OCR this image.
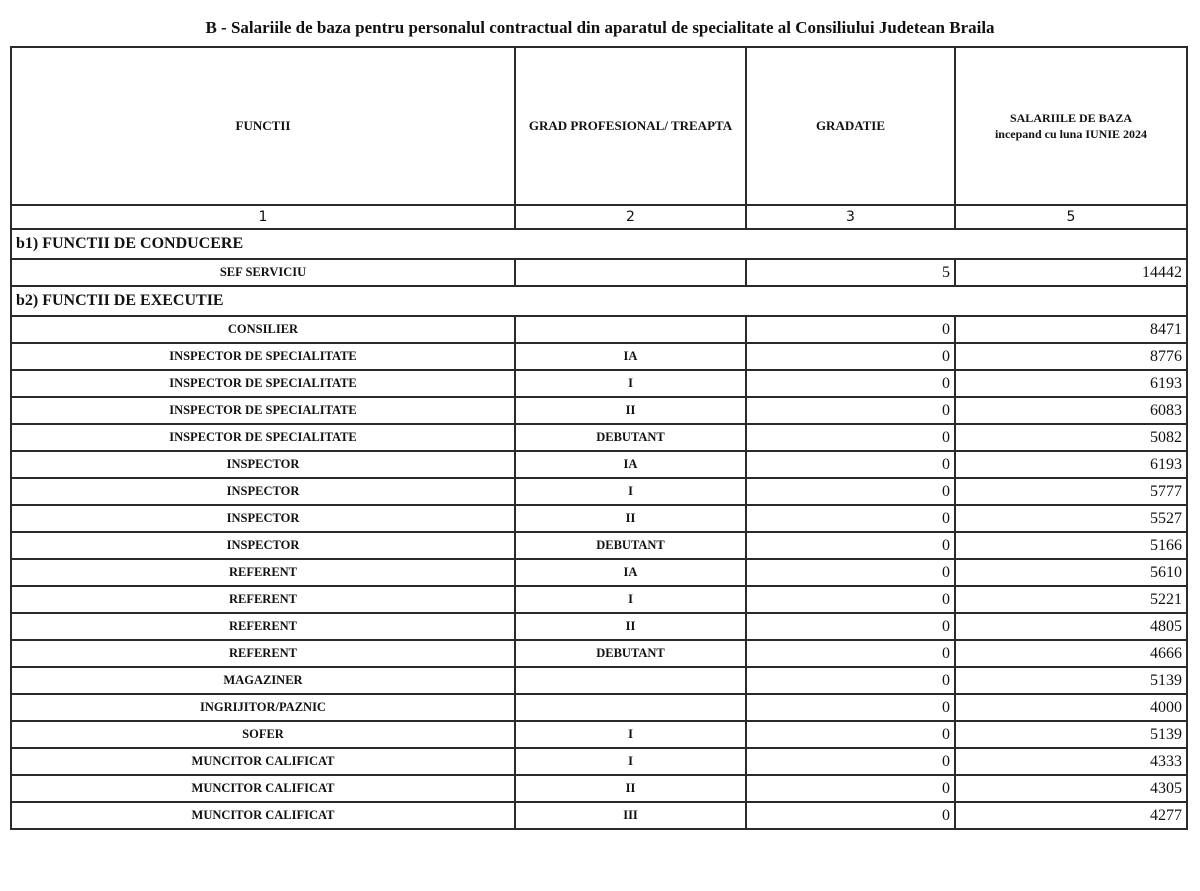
B - Salariile de baza pentru personalul contractual din aparatul de specialitate al Consiliului Judetean Braila
FUNCTII	GRAD PROFESIONAL/ TREAPTA	GRADATIE	SALARIILE DE BAZA
incepand cu luna IUNIE 2024

1	2	3	5
b1) FUNCTII DE CONDUCERE			
SEF SERVICIU		5	14442
b2) FUNCTII DE EXECUTIE			
CONSILIER		0	8471
INSPECTOR DE SPECIALITATE	IA	0	8776
INSPECTOR DE SPECIALITATE	I	0	6193
INSPECTOR DE SPECIALITATE	II	0	6083
INSPECTOR DE SPECIALITATE	DEBUTANT	0	5082
INSPECTOR	IA	0	6193
INSPECTOR	I	0	5777
INSPECTOR	II	0	5527
INSPECTOR	DEBUTANT	0	5166
REFERENT	IA	0	5610
REFERENT	I	0	5221
REFERENT	II	0	4805
REFERENT	DEBUTANT	0	4666
MAGAZINER		0	5139
INGRIJITOR/PAZNIC		0	4000
SOFER	I	0	5139
MUNCITOR CALIFICAT	I	0	4333
MUNCITOR CALIFICAT	II	0	4305
MUNCITOR CALIFICAT	III	0	4277
